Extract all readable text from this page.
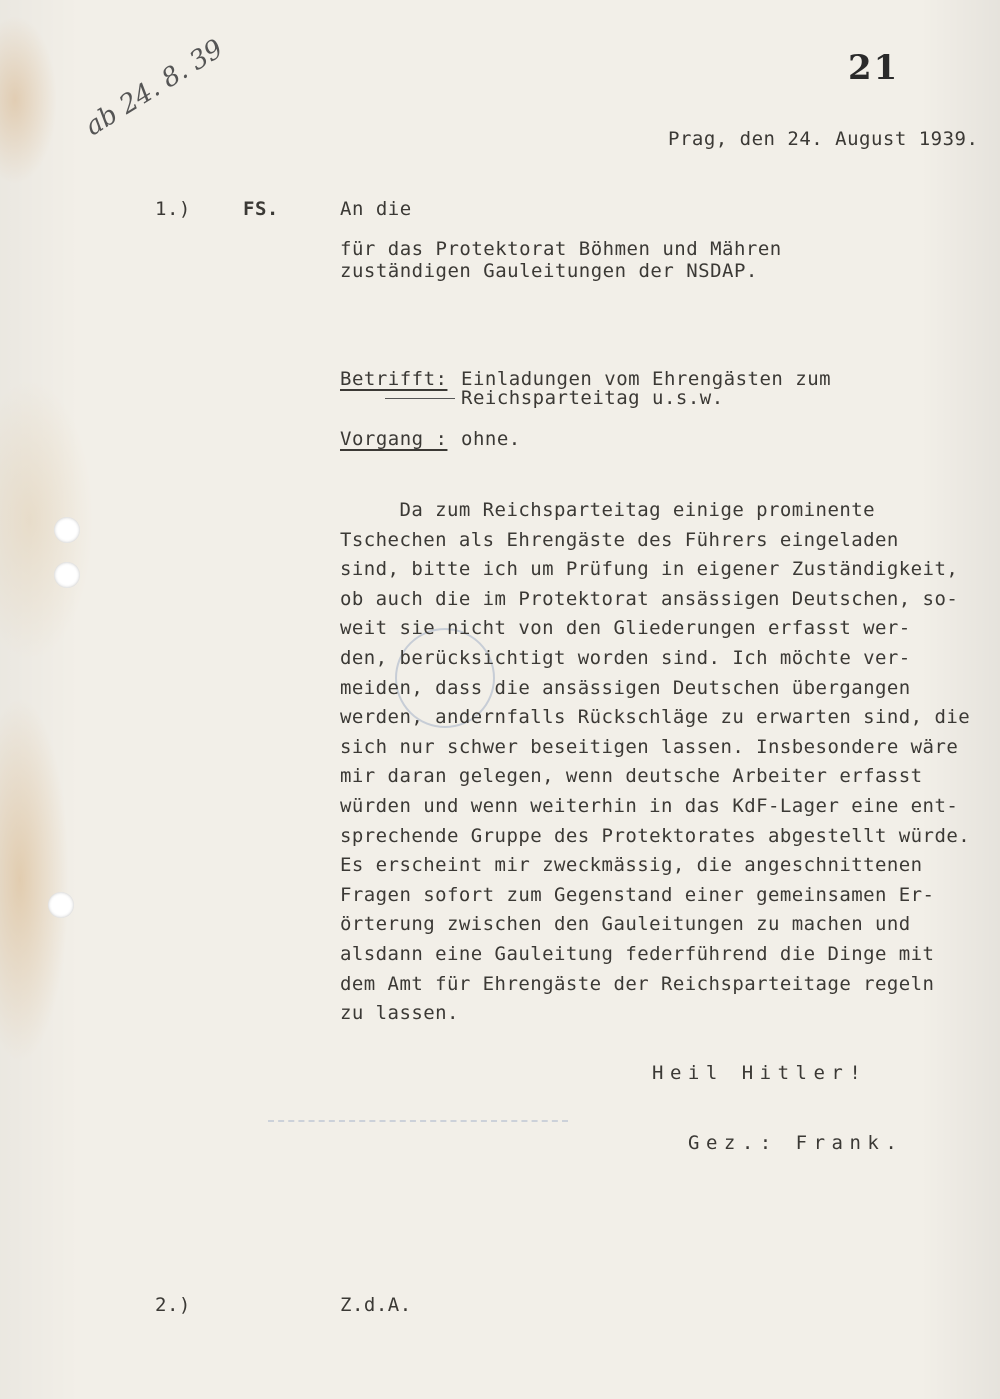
21
ab 24. 8. 39	Prag, den 24. August 1939.
1.)	FS.	An die
für das Protektorat Böhmen und Mähren
zuständigen Gauleitungen der NSDAP.
Betrifft: Einladungen vom Ehrengästen zum
Reichsparteitag u.s.w.
Vorgang : ohne.
Da zum Reichsparteitag einige prominente
Tschechen als Ehrengäste des Führers eingeladen
sind, bitte ich um Prüfung in eigener Zuständigkeit,
ob auch die im Protektorat ansässigen Deutschen, so-
weit sie nicht von den Gliederungen erfasst wer-
den, berücksichtigt worden sind. Ich möchte ver-
meiden, dass die ansässigen Deutschen übergangen
werden, andernfalls Rückschläge zu erwarten sind, die
sich nur schwer beseitigen lassen. Insbesondere wäre
mir daran gelegen, wenn deutsche Arbeiter erfasst
würden und wenn weiterhin in das KdF-Lager eine ent-
sprechende Gruppe des Protektorates abgestellt würde.
Es erscheint mir zweckmässig, die angeschnittenen
Fragen sofort zum Gegenstand einer gemeinsamen Er-
örterung zwischen den Gauleitungen zu machen und
alsdann eine Gauleitung federführend die Dinge mit
dem Amt für Ehrengäste der Reichsparteitage regeln
zu lassen.
Heil Hitler!
Gez.: Frank.
2.)	Z.d.A.
